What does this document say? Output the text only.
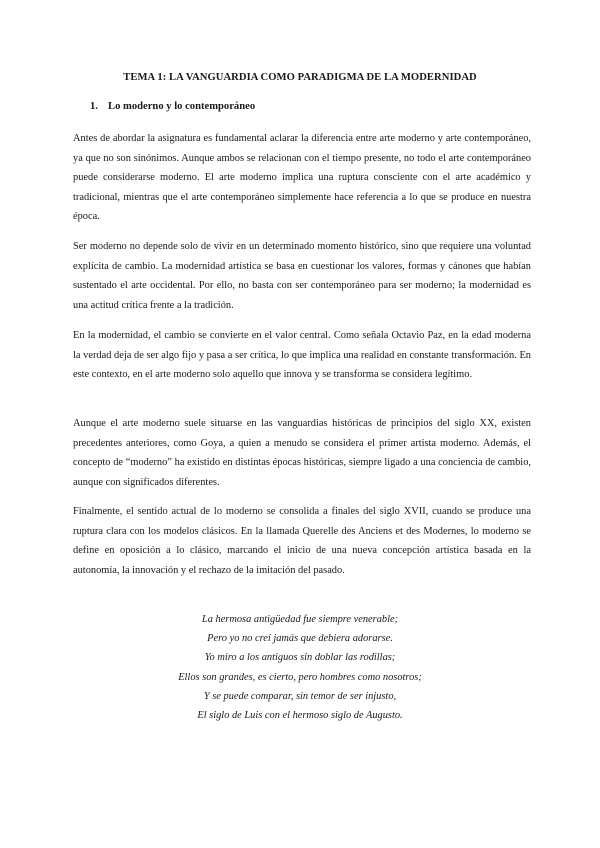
TEMA 1: LA VANGUARDIA COMO PARADIGMA DE LA MODERNIDAD
1. Lo moderno y lo contemporáneo

Antes de abordar la asignatura es fundamental aclarar la diferencia entre arte moderno y arte contemporáneo, ya que no son sinónimos. Aunque ambos se relacionan con el tiempo presente, no todo el arte contemporáneo puede considerarse moderno. El arte moderno implica una ruptura consciente con el arte académico y tradicional, mientras que el arte contemporáneo simplemente hace referencia a lo que se produce en nuestra época.

Ser moderno no depende solo de vivir en un determinado momento histórico, sino que requiere una voluntad explícita de cambio. La modernidad artística se basa en cuestionar los valores, formas y cánones que habían sustentado el arte occidental. Por ello, no basta con ser contemporáneo para ser moderno; la modernidad es una actitud crítica frente a la tradición.

En la modernidad, el cambio se convierte en el valor central. Como señala Octavio Paz, en la edad moderna la verdad deja de ser algo fijo y pasa a ser crítica, lo que implica una realidad en constante transformación. En este contexto, en el arte moderno solo aquello que innova y se transforma se considera legítimo.

Aunque el arte moderno suele situarse en las vanguardias históricas de principios del siglo XX, existen precedentes anteriores, como Goya, a quien a menudo se considera el primer artista moderno. Además, el concepto de “moderno” ha existido en distintas épocas históricas, siempre ligado a una conciencia de cambio, aunque con significados diferentes.

Finalmente, el sentido actual de lo moderno se consolida a finales del siglo XVII, cuando se produce una ruptura clara con los modelos clásicos. En la llamada Querelle des Anciens et des Modernes, lo moderno se define en oposición a lo clásico, marcando el inicio de una nueva concepción artística basada en la autonomía, la innovación y el rechazo de la imitación del pasado.

La hermosa antigüedad fue siempre venerable;
Pero yo no creí jamás que debiera adorarse.
Yo miro a los antiguos sin doblar las rodillas;
Ellos son grandes, es cierto, pero hombres como nosotros;
Y se puede comparar, sin temor de ser injusto,
El siglo de Luis con el hermoso siglo de Augusto.
